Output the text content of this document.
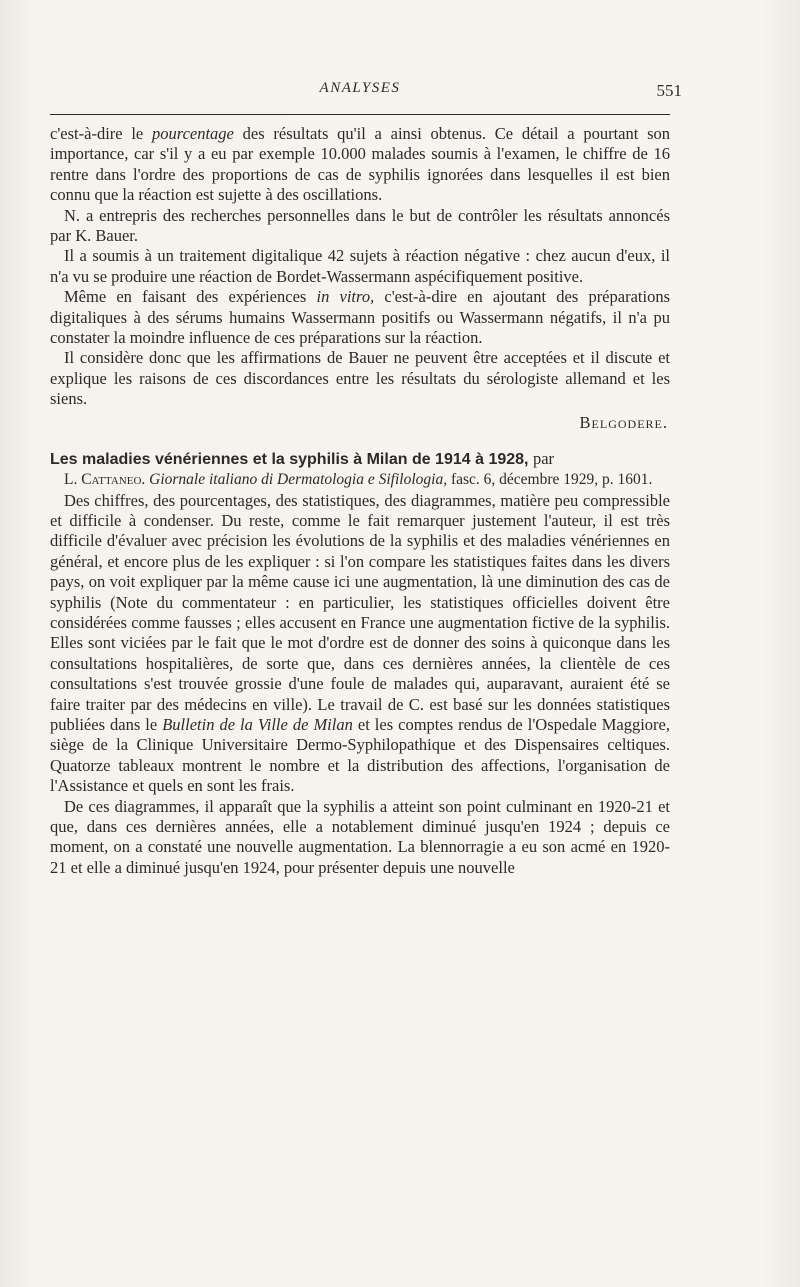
ANALYSES	551

c'est-à-dire le pourcentage des résultats qu'il a ainsi obtenus. Ce détail a pourtant son importance, car s'il y a eu par exemple 10.000 malades soumis à l'examen, le chiffre de 16 rentre dans l'ordre des proportions de cas de syphilis ignorées dans lesquelles il est bien connu que la réaction est sujette à des oscillations.

N. a entrepris des recherches personnelles dans le but de contrôler les résultats annoncés par K. Bauer.

Il a soumis à un traitement digitalique 42 sujets à réaction négative : chez aucun d'eux, il n'a vu se produire une réaction de Bordet-Wassermann aspécifiquement positive.

Même en faisant des expériences in vitro, c'est-à-dire en ajoutant des préparations digitaliques à des sérums humains Wassermann positifs ou Wassermann négatifs, il n'a pu constater la moindre influence de ces préparations sur la réaction.

Il considère donc que les affirmations de Bauer ne peuvent être acceptées et il discute et explique les raisons de ces discordances entre les résultats du sérologiste allemand et les siens.

Belgodere.
Les maladies vénériennes et la syphilis à Milan de 1914 à 1928, par
L. Cattaneo. Giornale italiano di Dermatologia e Sifilologia, fasc. 6, décembre 1929, p. 1601.

Des chiffres, des pourcentages, des statistiques, des diagrammes, matière peu compressible et difficile à condenser. Du reste, comme le fait remarquer justement l'auteur, il est très difficile d'évaluer avec précision les évolutions de la syphilis et des maladies vénériennes en général, et encore plus de les expliquer : si l'on compare les statistiques faites dans les divers pays, on voit expliquer par la même cause ici une augmentation, là une diminution des cas de syphilis (Note du commentateur : en particulier, les statistiques officielles doivent être considérées comme fausses ; elles accusent en France une augmentation fictive de la syphilis. Elles sont viciées par le fait que le mot d'ordre est de donner des soins à quiconque dans les consultations hospitalières, de sorte que, dans ces dernières années, la clientèle de ces consultations s'est trouvée grossie d'une foule de malades qui, auparavant, auraient été se faire traiter par des médecins en ville). Le travail de C. est basé sur les données statistiques publiées dans le Bulletin de la Ville de Milan et les comptes rendus de l'Ospedale Maggiore, siège de la Clinique Universitaire Dermo-Syphilopathique et des Dispensaires celtiques. Quatorze tableaux montrent le nombre et la distribution des affections, l'organisation de l'Assistance et quels en sont les frais.

De ces diagrammes, il apparaît que la syphilis a atteint son point culminant en 1920-21 et que, dans ces dernières années, elle a notablement diminué jusqu'en 1924 ; depuis ce moment, on a constaté une nouvelle augmentation. La blennorragie a eu son acmé en 1920-21 et elle a diminué jusqu'en 1924, pour présenter depuis une nouvelle
